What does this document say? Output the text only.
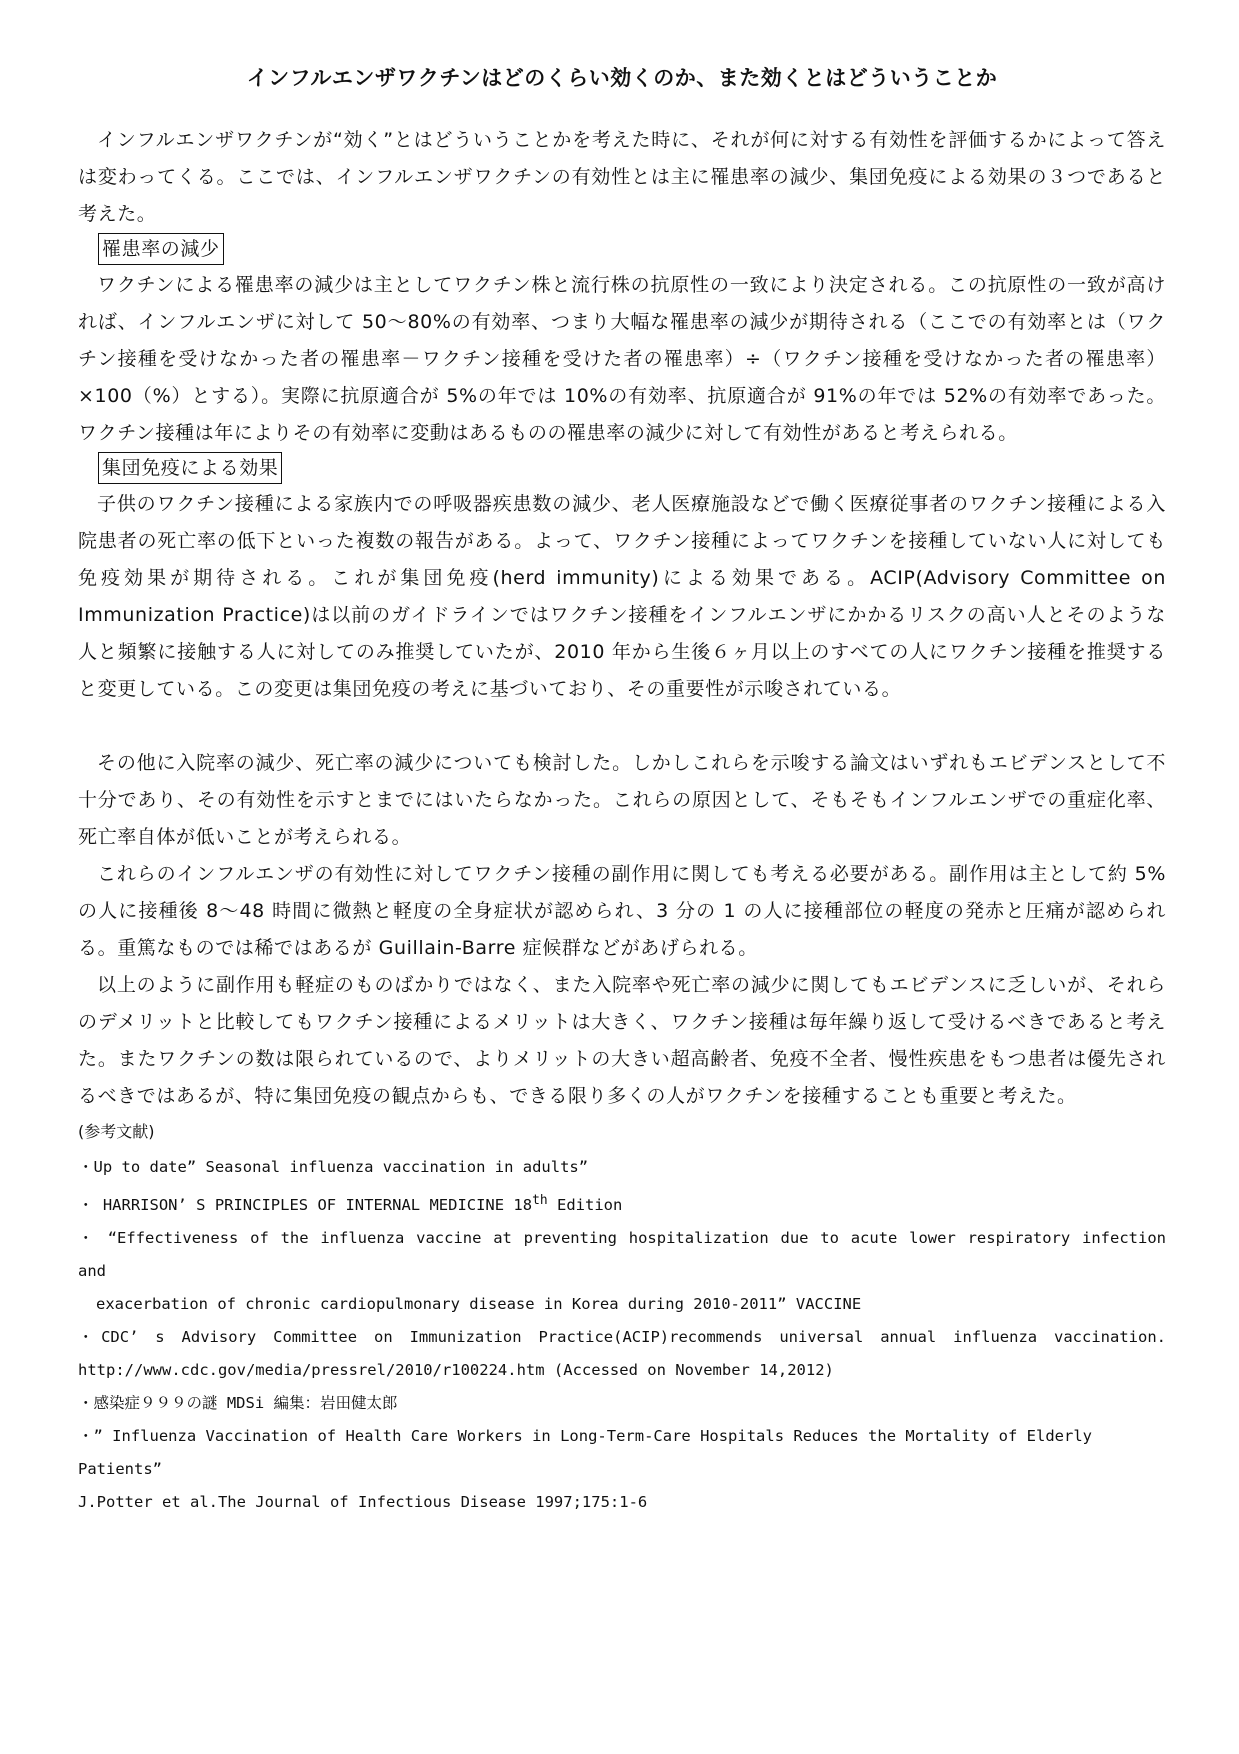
インフルエンザワクチンはどのくらい効くのか、また効くとはどういうことか

インフルエンザワクチンが“効く”とはどういうことかを考えた時に、それが何に対する有効性を評価するかによって答えは変わってくる。ここでは、インフルエンザワクチンの有効性とは主に罹患率の減少、集団免疫による効果の３つであると考えた。

罹患率の減少

ワクチンによる罹患率の減少は主としてワクチン株と流行株の抗原性の一致により決定される。この抗原性の一致が高ければ、インフルエンザに対して 50～80%の有効率、つまり大幅な罹患率の減少が期待される（ここでの有効率とは（ワクチン接種を受けなかった者の罹患率－ワクチン接種を受けた者の罹患率）÷（ワクチン接種を受けなかった者の罹患率）×100（%）とする）。実際に抗原適合が 5%の年では 10%の有効率、抗原適合が 91%の年では 52%の有効率であった。ワクチン接種は年によりその有効率に変動はあるものの罹患率の減少に対して有効性があると考えられる。

集団免疫による効果

子供のワクチン接種による家族内での呼吸器疾患数の減少、老人医療施設などで働く医療従事者のワクチン接種による入院患者の死亡率の低下といった複数の報告がある。よって、ワクチン接種によってワクチンを接種していない人に対しても免疫効果が期待される。これが集団免疫(herd immunity)による効果である。ACIP(Advisory Committee on Immunization Practice)は以前のガイドラインではワクチン接種をインフルエンザにかかるリスクの高い人とそのような人と頻繁に接触する人に対してのみ推奨していたが、2010 年から生後６ヶ月以上のすべての人にワクチン接種を推奨すると変更している。この変更は集団免疫の考えに基づいており、その重要性が示唆されている。

その他に入院率の減少、死亡率の減少についても検討した。しかしこれらを示唆する論文はいずれもエビデンスとして不十分であり、その有効性を示すとまでにはいたらなかった。これらの原因として、そもそもインフルエンザでの重症化率、死亡率自体が低いことが考えられる。

これらのインフルエンザの有効性に対してワクチン接種の副作用に関しても考える必要がある。副作用は主として約 5%の人に接種後 8～48 時間に微熱と軽度の全身症状が認められ、3 分の 1 の人に接種部位の軽度の発赤と圧痛が認められる。重篤なものでは稀ではあるが Guillain-Barre 症候群などがあげられる。

以上のように副作用も軽症のものばかりではなく、また入院率や死亡率の減少に関してもエビデンスに乏しいが、それらのデメリットと比較してもワクチン接種によるメリットは大きく、ワクチン接種は毎年繰り返して受けるべきであると考えた。またワクチンの数は限られているので、よりメリットの大きい超高齢者、免疫不全者、慢性疾患をもつ患者は優先されるべきではあるが、特に集団免疫の観点からも、できる限り多くの人がワクチンを接種することも重要と考えた。

(参考文献)

・Up to date” Seasonal influenza vaccination in adults”

・ HARRISON’ S PRINCIPLES OF INTERNAL MEDICINE 18th Edition

・ “Effectiveness of the influenza vaccine at preventing hospitalization due to acute lower respiratory infection and

exacerbation of chronic cardiopulmonary disease in Korea during 2010-2011” VACCINE

・CDC’ s Advisory Committee on Immunization Practice(ACIP)recommends universal annual influenza vaccination.

http://www.cdc.gov/media/pressrel/2010/r100224.htm (Accessed on November 14,2012)

・感染症９９９の謎 MDSi 編集：岩田健太郎

・” Influenza Vaccination of Health Care Workers in Long-Term-Care Hospitals Reduces the Mortality of Elderly Patients”

J.Potter et al.The Journal of Infectious Disease 1997;175:1-6
